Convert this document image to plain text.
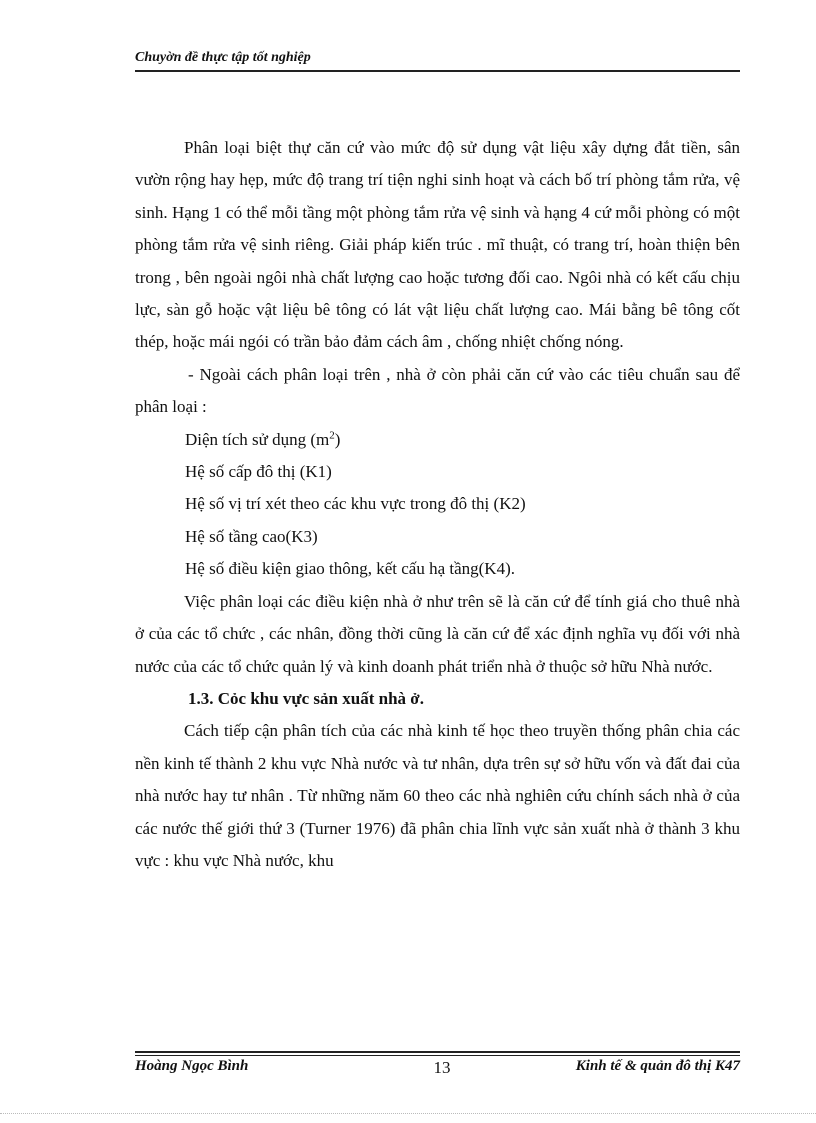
Chuyờn đề thực tập tốt nghiệp

Phân loại biệt thự căn cứ vào mức độ sử dụng vật liệu xây dựng đắt tiền, sân vườn rộng hay hẹp, mức độ trang trí tiện nghi sinh hoạt và cách bố trí phòng tắm rửa, vệ sinh. Hạng 1 có thể mỗi tầng một phòng tắm rửa vệ sinh và hạng 4 cứ mỗi phòng có một phòng tắm rửa vệ sinh riêng. Giải pháp kiến trúc . mĩ thuật, có trang trí, hoàn thiện bên trong , bên ngoài ngôi nhà chất lượng cao hoặc tương đối cao. Ngôi nhà có kết cấu chịu lực, sàn gỗ hoặc vật liệu bê tông có lát vật liệu chất lượng cao. Mái bằng bê tông cốt thép, hoặc mái ngói có trần bảo đảm cách âm , chống nhiệt chống nóng.

- Ngoài cách phân loại trên , nhà ở còn phải căn cứ vào các tiêu chuẩn sau để phân loại :

Diện tích sử dụng $(m^2)$

Hệ số cấp đô thị (K1)

Hệ số vị trí xét theo các khu vực trong đô thị (K2)

Hệ số tầng cao(K3)

Hệ số điều kiện giao thông, kết cấu hạ tầng(K4).

Việc phân loại các điều kiện nhà ở như trên sẽ là căn cứ để tính giá cho thuê nhà ở của các tổ chức , các nhân, đồng thời cũng là căn cứ để xác định nghĩa vụ đối với nhà nước của các tổ chức quản lý và kinh doanh phát triển nhà ở thuộc sở hữu Nhà nước.

1.3. Cỏc khu vực sản xuất nhà ở.

Cách tiếp cận phân tích của các nhà kinh tế học theo truyền thống phân chia các nền kinh tế thành 2 khu vực Nhà nước và tư nhân, dựa trên sự sở hữu vốn và đất đai của nhà nước hay tư nhân . Từ những năm 60 theo các nhà nghiên cứu chính sách nhà ở của các nước thế giới thứ 3 (Turner 1976) đã phân chia lĩnh vực sản xuất nhà ở thành 3 khu vực : khu vực Nhà nước, khu

Hoàng Ngọc Bình	13	Kinh tế & quản đô thị K47
